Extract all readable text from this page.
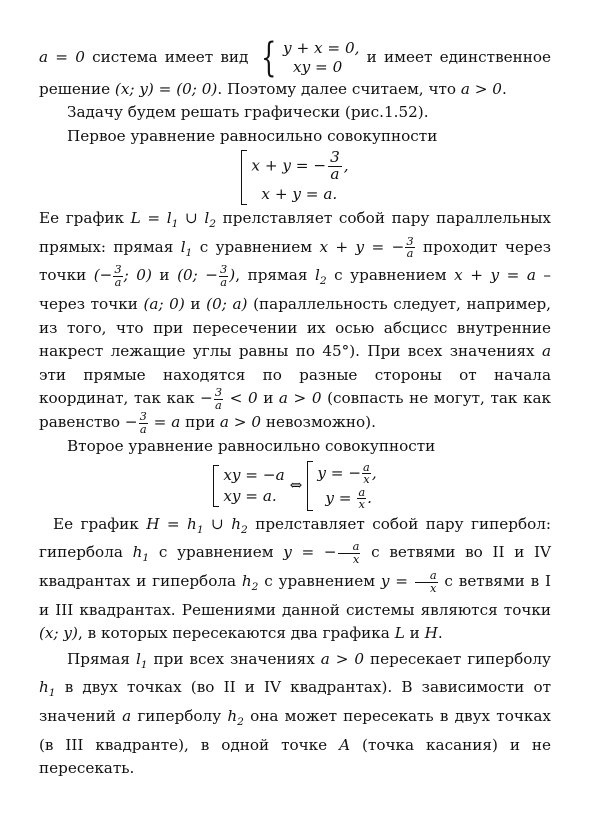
a = 0 система имеет вид { y + x = 0,
xy = 0
и имеет единственное решение (x; y) = (0; 0). Поэтому далее считаем, что a > 0.

Задачу будем решать графически (рис.1.52).

Первое уравнение равносильно совокупности

x + y = − $\frac{3}{a}$ ,
x + y = a.

Ее график $L = l_1$ ∪ $l_2$ прелставляет собой пару параллельных прямых: прямая $l_1$ с уравнением x + y = − $\frac{3}{a}$ проходит через точки (− $\frac{3}{a}$ ; 0) и (0; − $\frac{3}{a}$ ), прямая $l_2$ с уравнением x + y = a – через точки (a; 0) и (0; a) (параллельность следует, например, из того, что при пересечении их осью абсцисс внутренние накрест лежащие углы равны по 45°). При всех значениях a эти прямые находятся по разные стороны от начала координат, так как − $\frac{3}{a} < 0$ и a > 0 (совпасть не могут, так как равенство − $\frac{3}{a} = a$ при a > 0 невозможно).

Второе уравнение равносильно совокупности

xy = −a
xy = a.
⇔
y = − $\frac{a}{x}$ ,
$y = \frac{a}{x}$ .

Ее график $H = h_1$ ∪ $h_2$ прелставляет собой пару гипербол: гипербола $h_1$ с уравнением y = − $\frac{a}{x}$ с ветвями во II и IV квадрантах и гипербола $h_2$ с уравнением $y = \frac{a}{x}$ с ветвями в I и III квадрантах. Решениями данной системы являются точки (x; y), в которых пересекаются два графика L и H.

Прямая $l_1$ при всех значениях a > 0 пересекает гиперболу $h_1$ в двух точках (во II и IV квадрантах). В зависимости от значений a гиперболу $h_2$ она может пересекать в двух точках (в III квадранте), в одной точке A (точка касания) и не пересекать.
